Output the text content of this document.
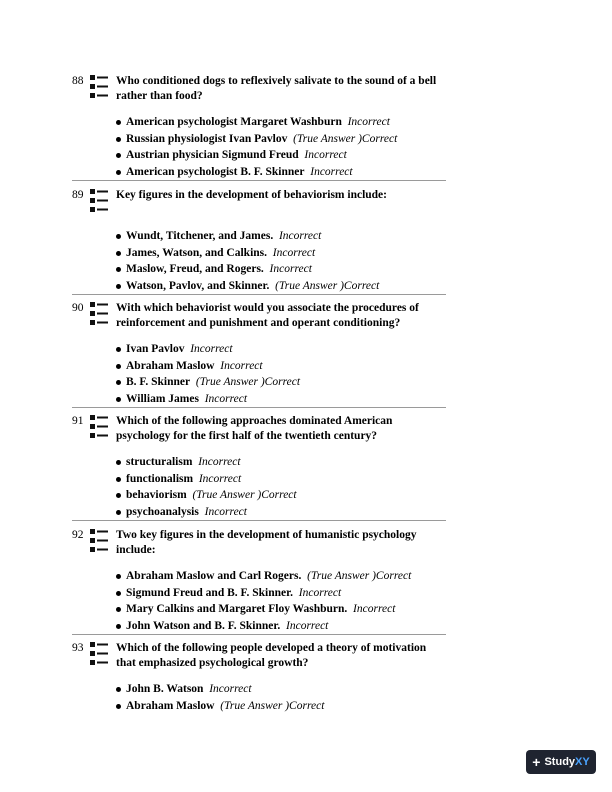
88	Who conditioned dogs to reflexively salivate to the sound of a bell rather than food?
American psychologist Margaret Washburn Incorrect
Russian physiologist Ivan Pavlov (True Answer )Correct
Austrian physician Sigmund Freud Incorrect
American psychologist B. F. Skinner Incorrect
89	Key figures in the development of behaviorism include:
Wundt, Titchener, and James. Incorrect
James, Watson, and Calkins. Incorrect
Maslow, Freud, and Rogers. Incorrect
Watson, Pavlov, and Skinner. (True Answer )Correct
90	With which behaviorist would you associate the procedures of reinforcement and punishment and operant conditioning?
Ivan Pavlov Incorrect
Abraham Maslow Incorrect
B. F. Skinner (True Answer )Correct
William James Incorrect
91	Which of the following approaches dominated American psychology for the first half of the twentieth century?
structuralism Incorrect
functionalism Incorrect
behaviorism (True Answer )Correct
psychoanalysis Incorrect
92	Two key figures in the development of humanistic psychology include:
Abraham Maslow and Carl Rogers. (True Answer )Correct
Sigmund Freud and B. F. Skinner. Incorrect
Mary Calkins and Margaret Floy Washburn. Incorrect
John Watson and B. F. Skinner. Incorrect
93	Which of the following people developed a theory of motivation that emphasized psychological growth?
John B. Watson Incorrect
Abraham Maslow (True Answer )Correct
+ StudyXY
